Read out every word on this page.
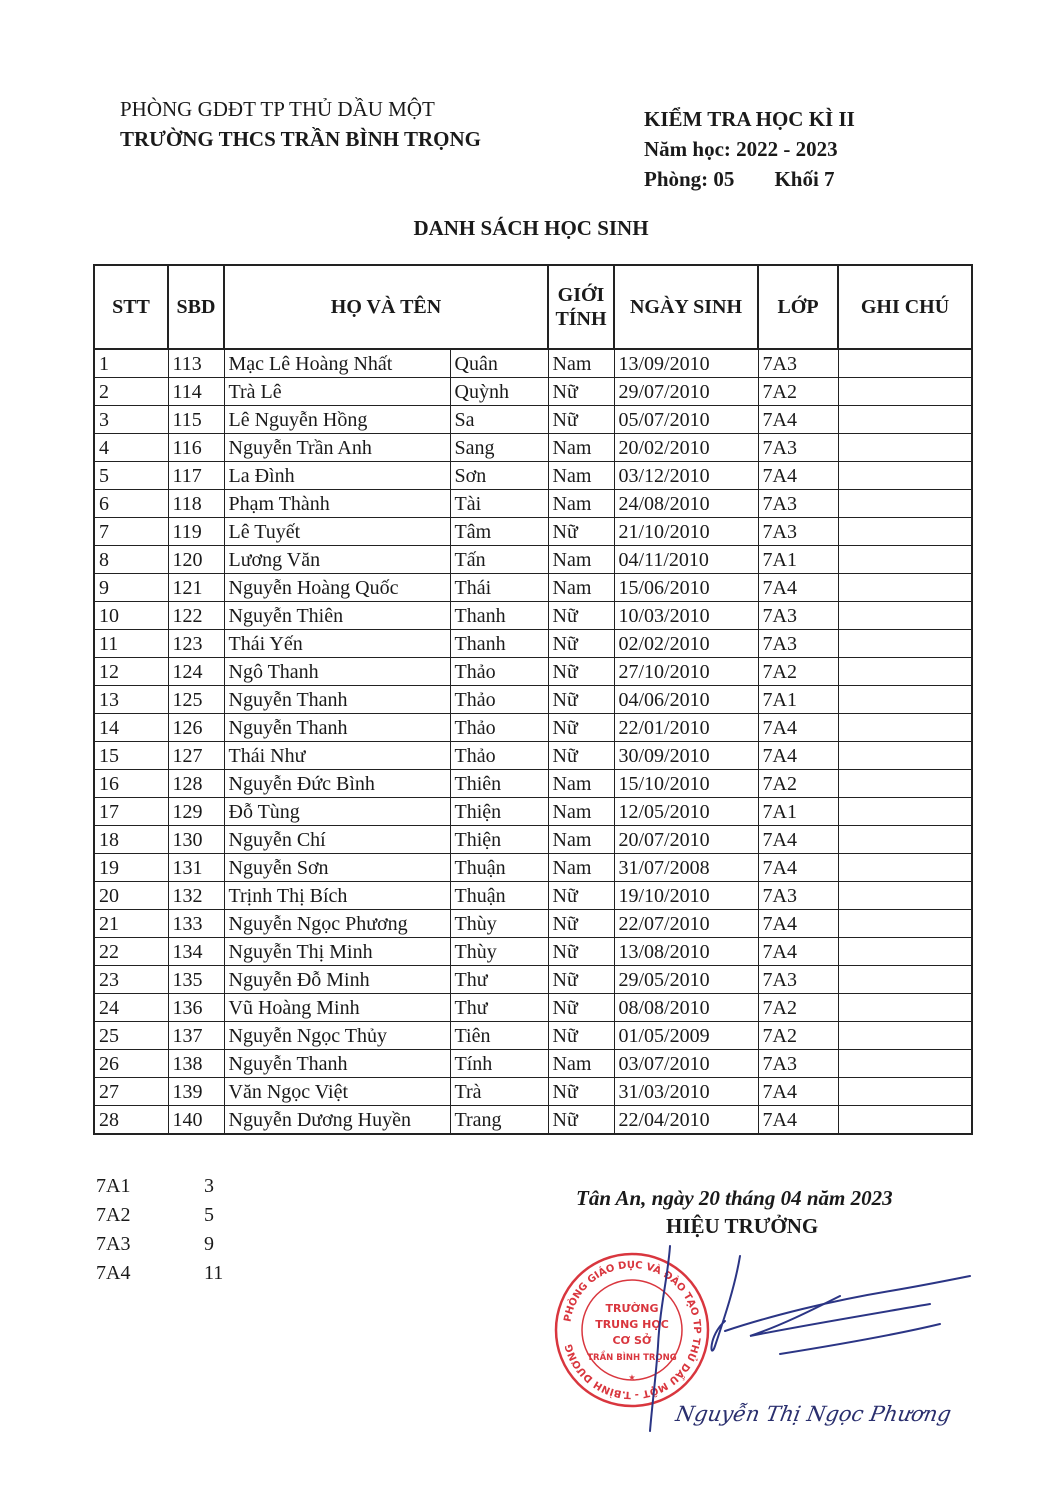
PHÒNG GDĐT TP THỦ DẦU MỘT
TRƯỜNG THCS TRẦN BÌNH TRỌNG
KIỂM TRA HỌC KÌ II
Năm học: 2022 - 2023
Phòng: 05 Khối 7
DANH SÁCH HỌC SINH
STT	SBD	HỌ VÀ TÊN		GIỚI
TÍNH	NGÀY SINH	LỚP	GHI CHÚ
1	113	Mạc Lê Hoàng Nhất	Quân	Nam	13/09/2010	7A3	
2	114	Trà Lê	Quỳnh	Nữ	29/07/2010	7A2	
3	115	Lê Nguyễn Hồng	Sa	Nữ	05/07/2010	7A4	
4	116	Nguyễn Trần Anh	Sang	Nam	20/02/2010	7A3	
5	117	La Đình	Sơn	Nam	03/12/2010	7A4	
6	118	Phạm Thành	Tài	Nam	24/08/2010	7A3	
7	119	Lê Tuyết	Tâm	Nữ	21/10/2010	7A3	
8	120	Lương Văn	Tấn	Nam	04/11/2010	7A1	
9	121	Nguyễn Hoàng Quốc	Thái	Nam	15/06/2010	7A4	
10	122	Nguyễn Thiên	Thanh	Nữ	10/03/2010	7A3	
11	123	Thái Yến	Thanh	Nữ	02/02/2010	7A3	
12	124	Ngô Thanh	Thảo	Nữ	27/10/2010	7A2	
13	125	Nguyễn Thanh	Thảo	Nữ	04/06/2010	7A1	
14	126	Nguyễn Thanh	Thảo	Nữ	22/01/2010	7A4	
15	127	Thái Như	Thảo	Nữ	30/09/2010	7A4	
16	128	Nguyễn Đức Bình	Thiên	Nam	15/10/2010	7A2	
17	129	Đỗ Tùng	Thiện	Nam	12/05/2010	7A1	
18	130	Nguyễn Chí	Thiện	Nam	20/07/2010	7A4	
19	131	Nguyễn Sơn	Thuận	Nam	31/07/2008	7A4	
20	132	Trịnh Thị Bích	Thuận	Nữ	19/10/2010	7A3	
21	133	Nguyễn Ngọc Phương	Thùy	Nữ	22/07/2010	7A4	
22	134	Nguyễn Thị Minh	Thùy	Nữ	13/08/2010	7A4	
23	135	Nguyễn Đỗ Minh	Thư	Nữ	29/05/2010	7A3	
24	136	Vũ Hoàng Minh	Thư	Nữ	08/08/2010	7A2	
25	137	Nguyễn Ngọc Thủy	Tiên	Nữ	01/05/2009	7A2	
26	138	Nguyễn Thanh	Tính	Nam	03/07/2010	7A3	
27	139	Văn Ngọc Việt	Trà	Nữ	31/03/2010	7A4	
28	140	Nguyễn Dương Huyền	Trang	Nữ	22/04/2010	7A4	
7A1	3
7A2	5
7A3	9
7A4	11
Tân An, ngày 20 tháng 04 năm 2023
HIỆU TRƯỞNG
PHÒNG GIÁO DỤC VÀ ĐÀO TẠO TP THỦ DẦU MỘT - T.BÌNH DƯƠNG
TRƯỜNG
TRUNG HỌC
CƠ SỞ
TRẦN BÌNH TRỌNG
★
Nguyễn Thị Ngọc Phương
